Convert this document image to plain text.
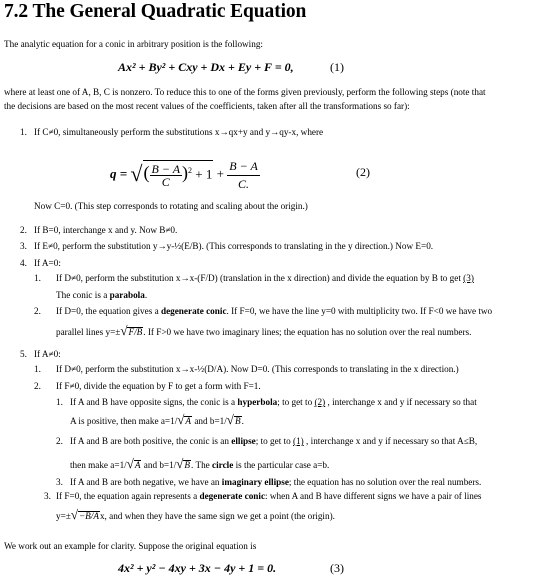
7.2 The General Quadratic Equation
The analytic equation for a conic in arbitrary position is the following:
Ax² + By² + Cxy + Dx + Ey + F = 0,	(1)
where at least one of A, B, C is nonzero. To reduce this to one of the forms given previously, perform the following steps (note that
the decisions are based on the most recent values of the coefficients, taken after all the transformations so far):
1. If C≠0, simultaneously perform the substitutions x→qx+y and y→qy-x, where
q = √( $\frac{B - A}{C} )^2 + 1 + \frac{B - A}{C.}$	(2)
Now C=0. (This step corresponds to rotating and scaling about the origin.)
2. If B=0, interchange x and y. Now B≠0.
3. If E≠0, perform the substitution y→y-½(E/B). (This corresponds to translating in the y direction.) Now E=0.
4. If A=0:
1. If D≠0, perform the substitution x→x-(F/D) (translation in the x direction) and divide the equation by B to get (3)
The conic is a parabola.
2. If D=0, the equation gives a degenerate conic. If F=0, we have the line y=0 with multiplicity two. If F<0 we have two
parallel lines y=±√F/B. If F>0 we have two imaginary lines; the equation has no solution over the real numbers.
5. If A≠0:
1. If D≠0, perform the substitution x→x-½(D/A). Now D=0. (This corresponds to translating in the x direction.)
2. If F≠0, divide the equation by F to get a form with F=1.
1. If A and B have opposite signs, the conic is a hyperbola; to get to (2) , interchange x and y if necessary so that
A is positive, then make a=1/√A and b=1/√B.
2. If A and B are both positive, the conic is an ellipse; to get to (1) , interchange x and y if necessary so that A≤B,
then make a=1/√A and b=1/√B. The circle is the particular case a=b.
3. If A and B are both negative, we have an imaginary ellipse; the equation has no solution over the real numbers.
3. If F=0, the equation again represents a degenerate conic: when A and B have different signs we have a pair of lines
y=±√−B/Ax, and when they have the same sign we get a point (the origin).
We work out an example for clarity. Suppose the original equation is
4x² + y² − 4xy + 3x − 4y + 1 = 0.	(3)
